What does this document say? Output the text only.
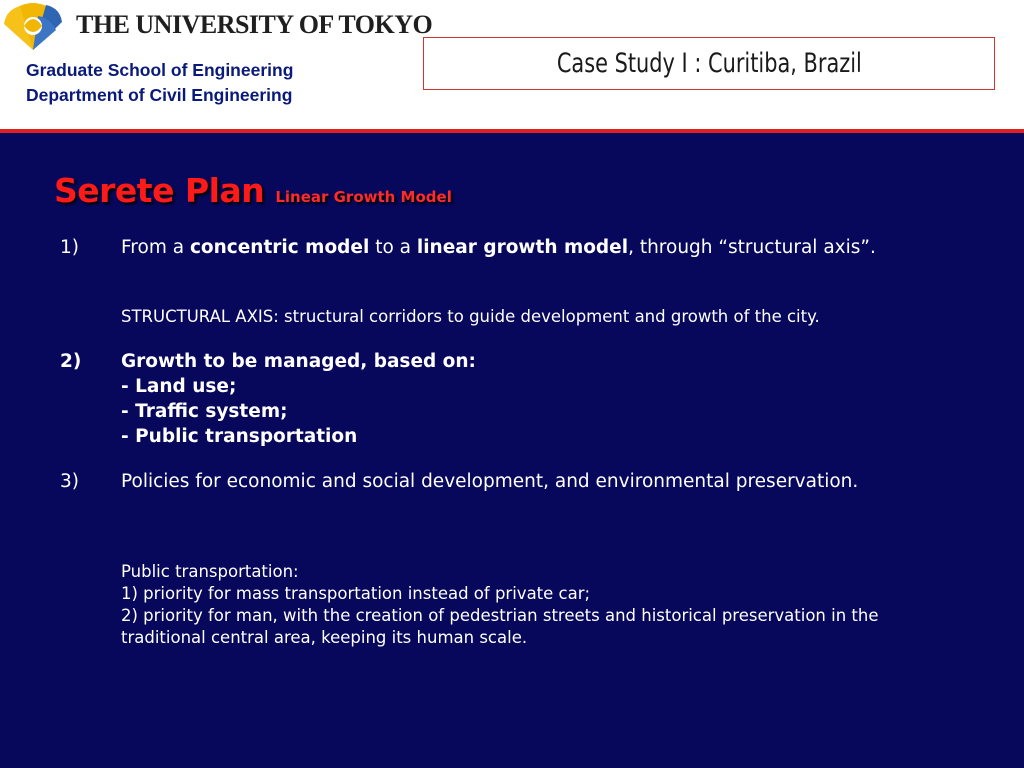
THE UNIVERSITY OF TOKYO
Graduate School of Engineering
Department of Civil Engineering
Case Study I : Curitiba, Brazil
Serete Plan Linear Growth Model
1)	From a concentric model to a linear growth model, through “structural axis”.
STRUCTURAL AXIS: structural corridors to guide development and growth of the city.
2)	Growth to be managed, based on:
- Land use;
- Traffic system;
- Public transportation
3)	Policies for economic and social development, and environmental preservation.
Public transportation:
1) priority for mass transportation instead of private car;
2) priority for man, with the creation of pedestrian streets and historical preservation in the traditional central area, keeping its human scale.
